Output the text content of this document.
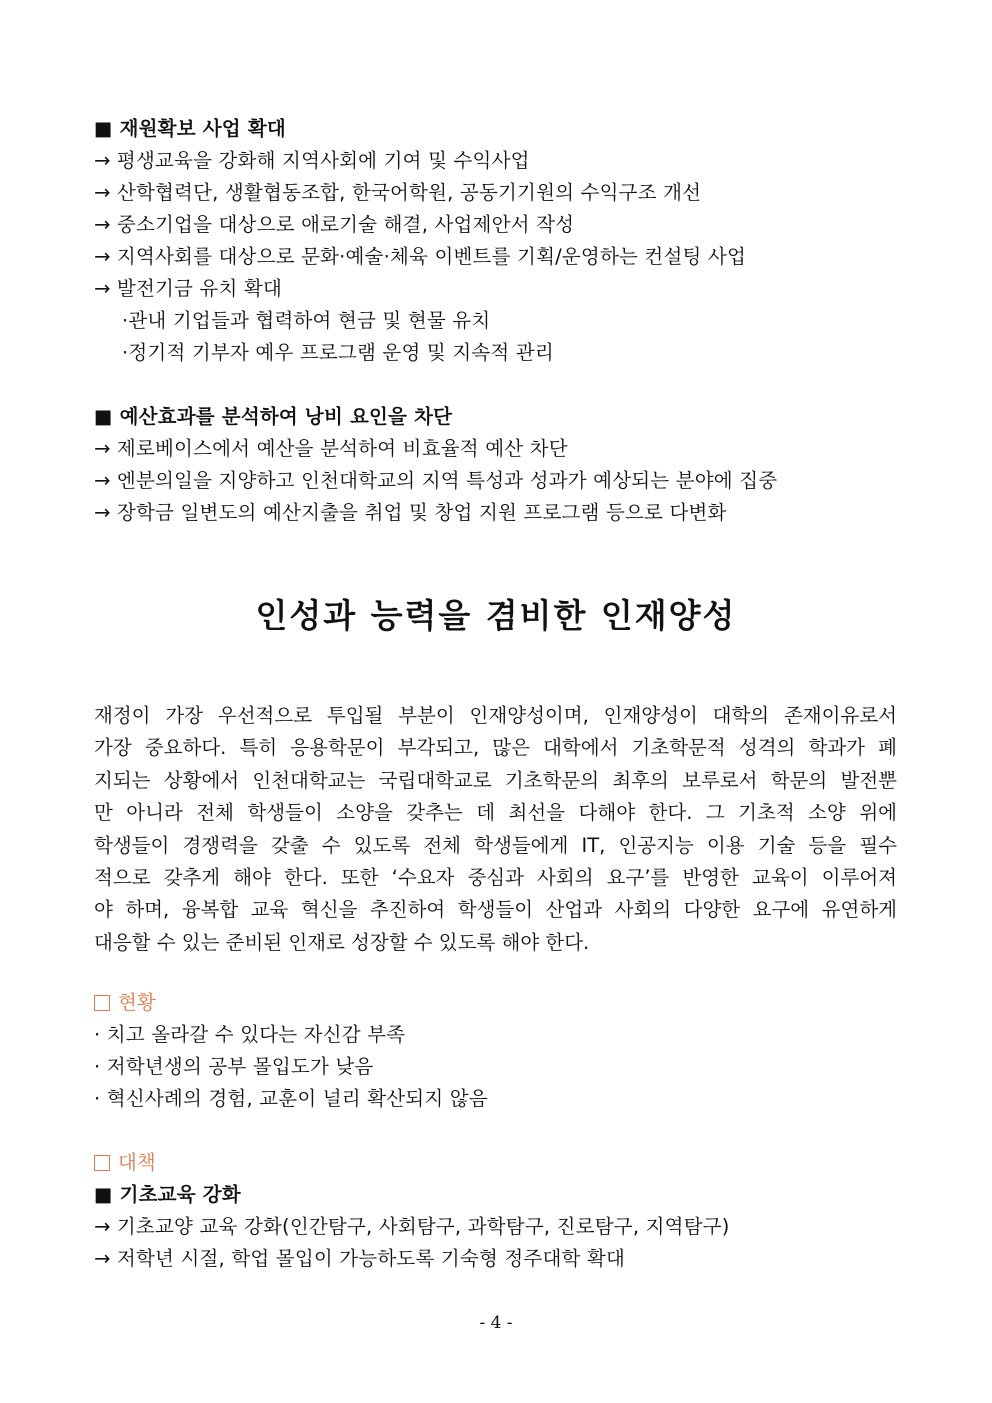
■ 재원확보 사업 확대
→ 평생교육을 강화해 지역사회에 기여 및 수익사업
→ 산학협력단, 생활협동조합, 한국어학원, 공동기기원의 수익구조 개선
→ 중소기업을 대상으로 애로기술 해결, 사업제안서 작성
→ 지역사회를 대상으로 문화·예술·체육 이벤트를 기획/운영하는 컨설팅 사업
→ 발전기금 유치 확대
·관내 기업들과 협력하여 현금 및 현물 유치
·정기적 기부자 예우 프로그램 운영 및 지속적 관리
■ 예산효과를 분석하여 낭비 요인을 차단
→ 제로베이스에서 예산을 분석하여 비효율적 예산 차단
→ 엔분의일을 지양하고 인천대학교의 지역 특성과 성과가 예상되는 분야에 집중
→ 장학금 일변도의 예산지출을 취업 및 창업 지원 프로그램 등으로 다변화
인성과 능력을 겸비한 인재양성
재정이 가장 우선적으로 투입될 부분이 인재양성이며, 인재양성이 대학의 존재이유로서
가장 중요하다. 특히 응용학문이 부각되고, 많은 대학에서 기초학문적 성격의 학과가 폐
지되는 상황에서 인천대학교는 국립대학교로 기초학문의 최후의 보루로서 학문의 발전뿐
만 아니라 전체 학생들이 소양을 갖추는 데 최선을 다해야 한다. 그 기초적 소양 위에
학생들이 경쟁력을 갖출 수 있도록 전체 학생들에게 IT, 인공지능 이용 기술 등을 필수
적으로 갖추게 해야 한다. 또한 ‘수요자 중심과 사회의 요구’를 반영한 교육이 이루어져
야 하며, 융복합 교육 혁신을 추진하여 학생들이 산업과 사회의 다양한 요구에 유연하게
대응할 수 있는 준비된 인재로 성장할 수 있도록 해야 한다.
현황
· 치고 올라갈 수 있다는 자신감 부족
· 저학년생의 공부 몰입도가 낮음
· 혁신사례의 경험, 교훈이 널리 확산되지 않음
대책
■ 기초교육 강화
→ 기초교양 교육 강화(인간탐구, 사회탐구, 과학탐구, 진로탐구, 지역탐구)
→ 저학년 시절, 학업 몰입이 가능하도록 기숙형 정주대학 확대
- 4 -
